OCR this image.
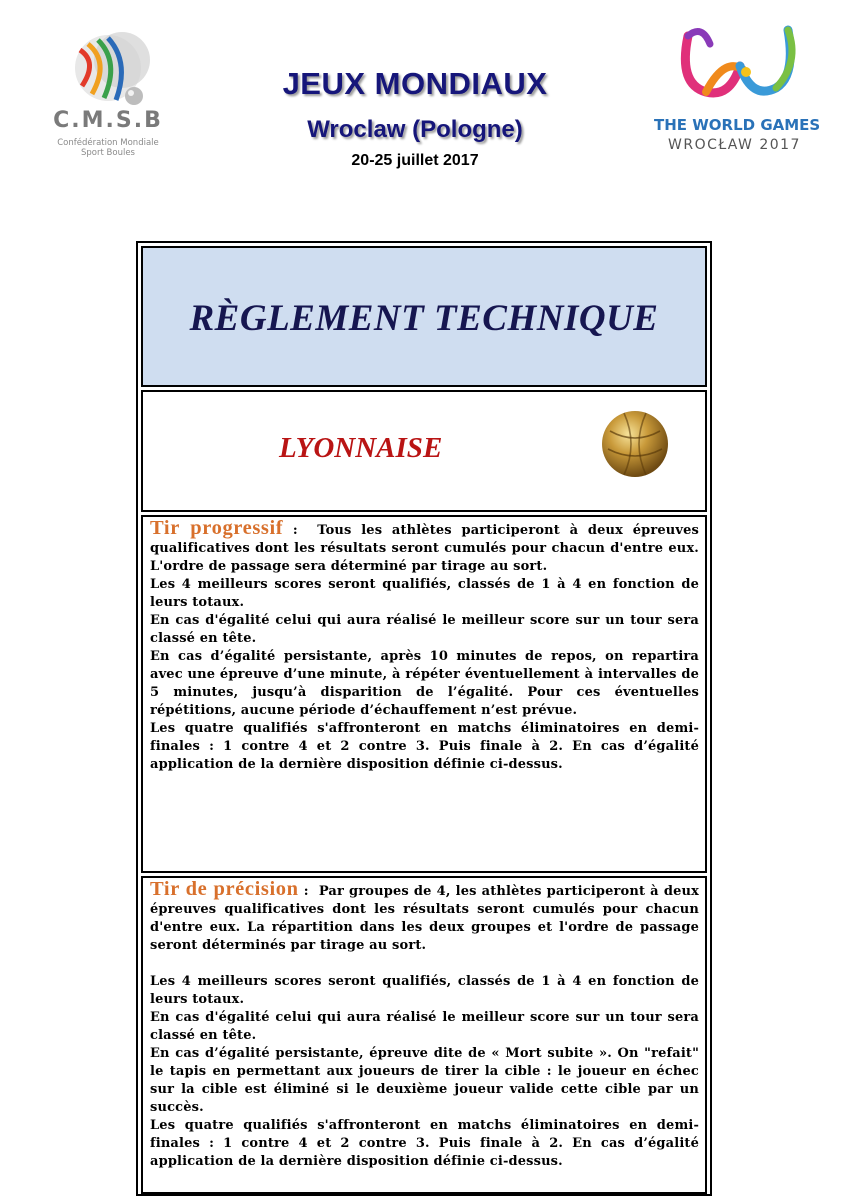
C.M.S.B
Confédération Mondiale
Sport Boules
JEUX MONDIAUX
Wroclaw (Pologne)
20-25 juillet 2017
THE WORLD GAMES
WROCŁAW 2017
RÈGLEMENT TECHNIQUE
LYONNAISE

Tir progressif : Tous les athlètes participeront à deux épreuves qualificatives dont les résultats seront cumulés pour chacun d'entre eux. L'ordre de passage sera déterminé par tirage au sort.

Les 4 meilleurs scores seront qualifiés, classés de 1 à 4 en fonction de leurs totaux.

En cas d'égalité celui qui aura réalisé le meilleur score sur un tour sera classé en tête.

En cas d’égalité persistante, après 10 minutes de repos, on repartira avec une épreuve d’une minute, à répéter éventuellement à intervalles de 5 minutes, jusqu’à disparition de l’égalité. Pour ces éventuelles répétitions, aucune période d’échauffement n’est prévue.

Les quatre qualifiés s'affronteront en matchs éliminatoires en demi-finales : 1 contre 4 et 2 contre 3. Puis finale à 2. En cas d’égalité application de la dernière disposition définie ci-dessus.

Tir de précision : Par groupes de 4, les athlètes participeront à deux épreuves qualificatives dont les résultats seront cumulés pour chacun d'entre eux. La répartition dans les deux groupes et l'ordre de passage seront déterminés par tirage au sort.

Les 4 meilleurs scores seront qualifiés, classés de 1 à 4 en fonction de leurs totaux.

En cas d'égalité celui qui aura réalisé le meilleur score sur un tour sera classé en tête.

En cas d’égalité persistante, épreuve dite de « Mort subite ». On "refait" le tapis en permettant aux joueurs de tirer la cible : le joueur en échec sur la cible est éliminé si le deuxième joueur valide cette cible par un succès.

Les quatre qualifiés s'affronteront en matchs éliminatoires en demi-finales : 1 contre 4 et 2 contre 3. Puis finale à 2. En cas d’égalité application de la dernière disposition définie ci-dessus.
